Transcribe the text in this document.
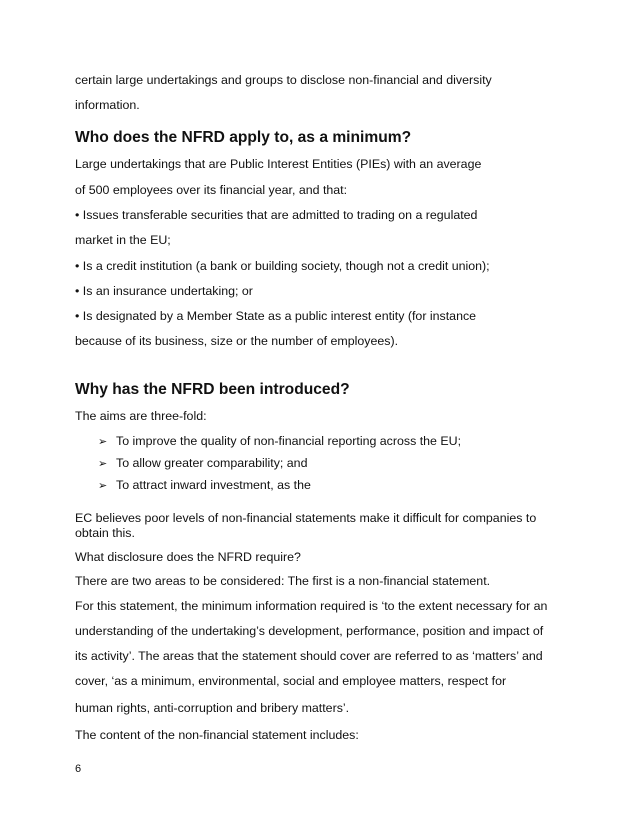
certain large undertakings and groups to disclose non-financial and diversity
information.
Who does the NFRD apply to, as a minimum?
Large undertakings that are Public Interest Entities (PIEs) with an average
of 500 employees over its financial year, and that:
• Issues transferable securities that are admitted to trading on a regulated
market in the EU;
• Is a credit institution (a bank or building society, though not a credit union);
• Is an insurance undertaking; or
• Is designated by a Member State as a public interest entity (for instance
because of its business, size or the number of employees).
Why has the NFRD been introduced?
The aims are three-fold:
➢ To improve the quality of non-financial reporting across the EU;
➢ To allow greater comparability; and
➢ To attract inward investment, as the
EC believes poor levels of non-financial statements make it difficult for companies to
obtain this.
What disclosure does the NFRD require?
There are two areas to be considered: The first is a non-financial statement.
For this statement, the minimum information required is ‘to the extent necessary for an
understanding of the undertaking’s development, performance, position and impact of
its activity’. The areas that the statement should cover are referred to as ‘matters’ and
cover, ‘as a minimum, environmental, social and employee matters, respect for
human rights, anti-corruption and bribery matters’.
The content of the non-financial statement includes:
6
